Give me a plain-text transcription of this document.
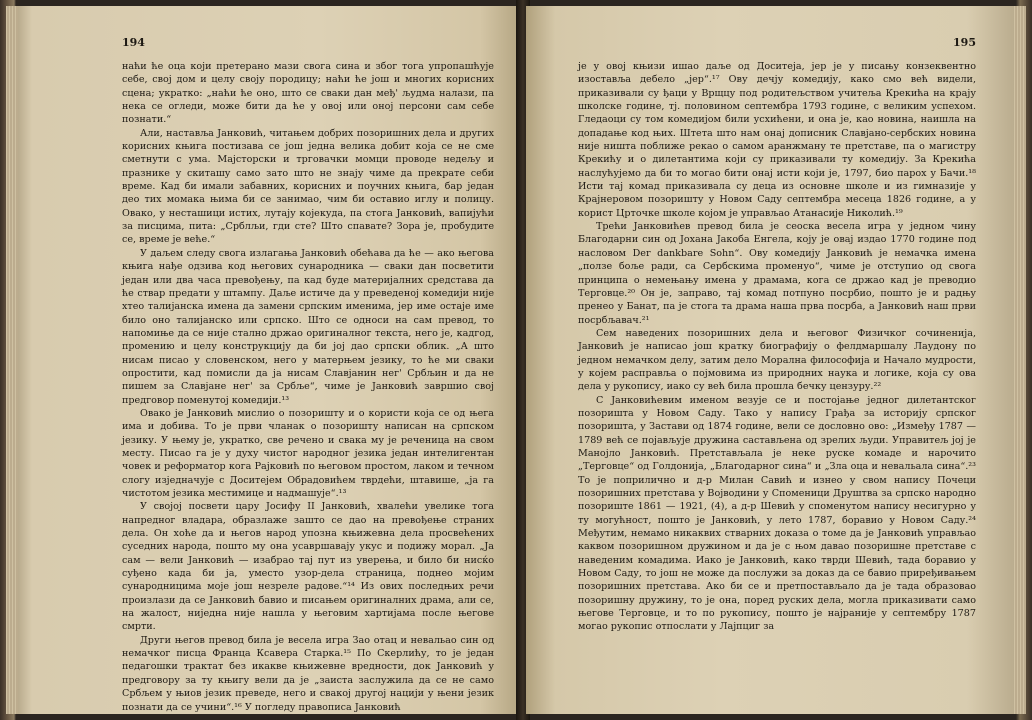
194

наћи ће оца који претерано мази свога сина и због тога упропашћује себе, свој дом и целу своју породицу; наћи ће још и многих корисних сцена; укратко: „наћи ће оно, што се сваки дан међ' људма налази, па нека се огледи, може бити да ће у овој или оној персони сам себе познати.“

Али, наставља Јанковић, читањем добрих позоришних дела и других корисних књига постизава се још једна велика добит која се не сме сметнути с ума. Мајсторски и трговачки момци проводе недељу и празнике у скиташу само зато што не знају чиме да прекрате себи време. Кад би имали забавних, корисних и поучних књига, бар један део тих момака њима би се занимао, чим би оставио иглу и полицу. Овако, у несташици истих, лутају којекуда, па стога Јанковић, вапијући за писцима, пита: „Срблљи, гди сте? Што спавате? Зора је, пробудите се, време је веће.“

У даљем следу свога излагања Јанковић обећава да ће — ако његова књига нађе одзива код његових сународника — сваки дан посветити један или два часа превођењу, па кад буде материјалних средстава да ће ствар предати у штампу. Даље истиче да у преведеној комедији није хтео талијанска имена да замени српским именима, јер име остаје име било оно талијанско или српско. Што се односи на сам превод, то напомиње да се није стално држао оригиналног текста, него је, кадгод, промению и целу конструкцију да би јој дао српски облик. „А што нисам писао у словенском, него у матерњем језику, то ће ми сваки опростити, кад помисли да ја нисам Славјанин нег' Србљин и да не пишем за Славјане нег' за Србље“, чиме је Јанковић завршио свој предговор поменутој комедији.¹³

Овако је Јанковић мислио о позоришту и о користи која се од њега има и добива. То је први чланак о позоришту написан на српском језику. У њему је, укратко, све речено и свака му је реченица на свом месту. Писао га је у духу чистог народног језика један интелигентан човек и реформатор кога Рајковић по његовом простом, лаком и течном слогу изједначује с Доситејем Обрадовићем тврдећи, штавише, „ја га чистотом језика местимице и надмашује“.¹³

У својој посвети цару Јосифу II Јанковић, хвалећи увелике тога напредног владара, образлаже зашто се дао на превођење страних дела. Он хоће да и његов народ упозна књижевна дела просвећених суседних народа, пошто му она усавршавају укус и подижу морал. „Ја сам — вели Јанковић — изабрао тај пут из уверења, и било би нисќо суђено када би ја, уместо узор-дела страница, поднео мојим сународницима моје још незреле радове.“¹⁴ Из ових последњих речи произлази да се Јанковић бавио и писањем оригиналних драма, али се, на жалост, ниједна није нашла у његовим хартијама после његове смрти.

Други његов превод била је весела игра Зао отац и невальао син од немачког писца Франца Ксавера Старка.¹⁵ По Скерлићу, то је један педагошки трактат без икакве књижевне вредности, док Јанковић у предговору за ту књигу вели да је „заиста заслужила да се не само Србљем у њиов језик преведе, него и свакој другој нацији у њени језик познати да се учини“.¹⁶ У погледу правописа Јанковић

195

је у овој књизи ишао даље од Доситеја, јер је у писању конзеквентно изоставља дебело „јер“.¹⁷ Ову дечју комедију, како смо већ видели, приказивали су ђаци у Врщцу под родитељством учитеља Крекића на крају школске године, тј. половином септембра 1793 године, с великим успехом. Гледаоци су том комедијом били усхићени, и она је, као новина, наишла на допадање код њих. Штета што нам онај дописник Славјано-сербских новина није ништа поближе рекао о самом аранжману те претставе, па о магистру Крекићу и о дилетантима који су приказивали ту комедију. За Крекића наслућујемо да би то могао бити онај исти који је, 1797, био парох у Бачи.¹⁸ Исти тај комад приказивала су деца из основне школе и из гимназије у Крајнеровом позоришту у Новом Саду септембра месеца 1826 године, а у корист Црточке школе којом је управљао Атанасије Николић.¹⁹

Трећи Јанковићев превод била је сеоска весела игра у једном чину Благодарни син од Јохана Јакоба Енгела, коју је овај издао 1770 године под насловом Der dankbare Sohn“. Ову комедију Јанковић је немачка имена „ползе боље ради, са Сербскима променуо“, чиме је отступио од свога принципа о немењању имена у драмама, кога се држао кад је преводио Терговце.²⁰ Он је, заправо, тај комад потпуно посрбио, пошто је и радњу пренео у Банат, па је стога та драма наша прва посрба, а Јанковић наш први посрбљавач.²¹

Сем наведених позоришних дела и његовог Физичког сочиненија, Јанковић је написао још кратку биографију о фелдмаршалу Лаудону по једном немачком делу, затим дело Морална философија и Начало мудрости, у којем расправља о појмовима из природних наука и логике, која су ова дела у рукопису, иако су већ била прошла бечку цензуру.²²

С Јанковићевим именом везује се и постојање једног дилетантског позоришта у Новом Саду. Тако у напису Грађа за историју српског позоришта, у Застави од 1874 године, вели се дословно ово: „Између 1787 — 1789 већ се појављује дружина састављена од зрелих људи. Управитељ јој је Манојло Јанковић. Претстављала је неке руске комаде и нарочито „Терговце“ од Голдонија, „Благодарног сина“ и „Зла оца и невальала сина“.²³ То је поприлично и д-р Милан Савић и изнео у свом напису Почеци позоришних претстава у Војводини у Споменици Друштва за српско народно позориште 1861 — 1921, (4), а д-р Шевић у споменутом напису несигурно у ту могућност, пошто је Јанковић, у лето 1787, боравио у Новом Саду.²⁴ Међутим, немамо никаквих стварних доказа о томе да је Јанковић управљао каквом позоришном дружином и да је с њом давао позоришне претставе с наведеним комадима. Иако је Јанковић, како тврди Шевић, тада боравио у Новом Саду, то још не може да послужи за доказ да се бавио приређивањем позоришних претстава. Ако би се и претпостављало да је тада образовао позоришну дружину, то је она, поред руских дела, могла приказивати само његове Терговце, и то по рукопису, пошто је најраније у септембру 1787 могао рукопис отпослати у Лајпциг за
